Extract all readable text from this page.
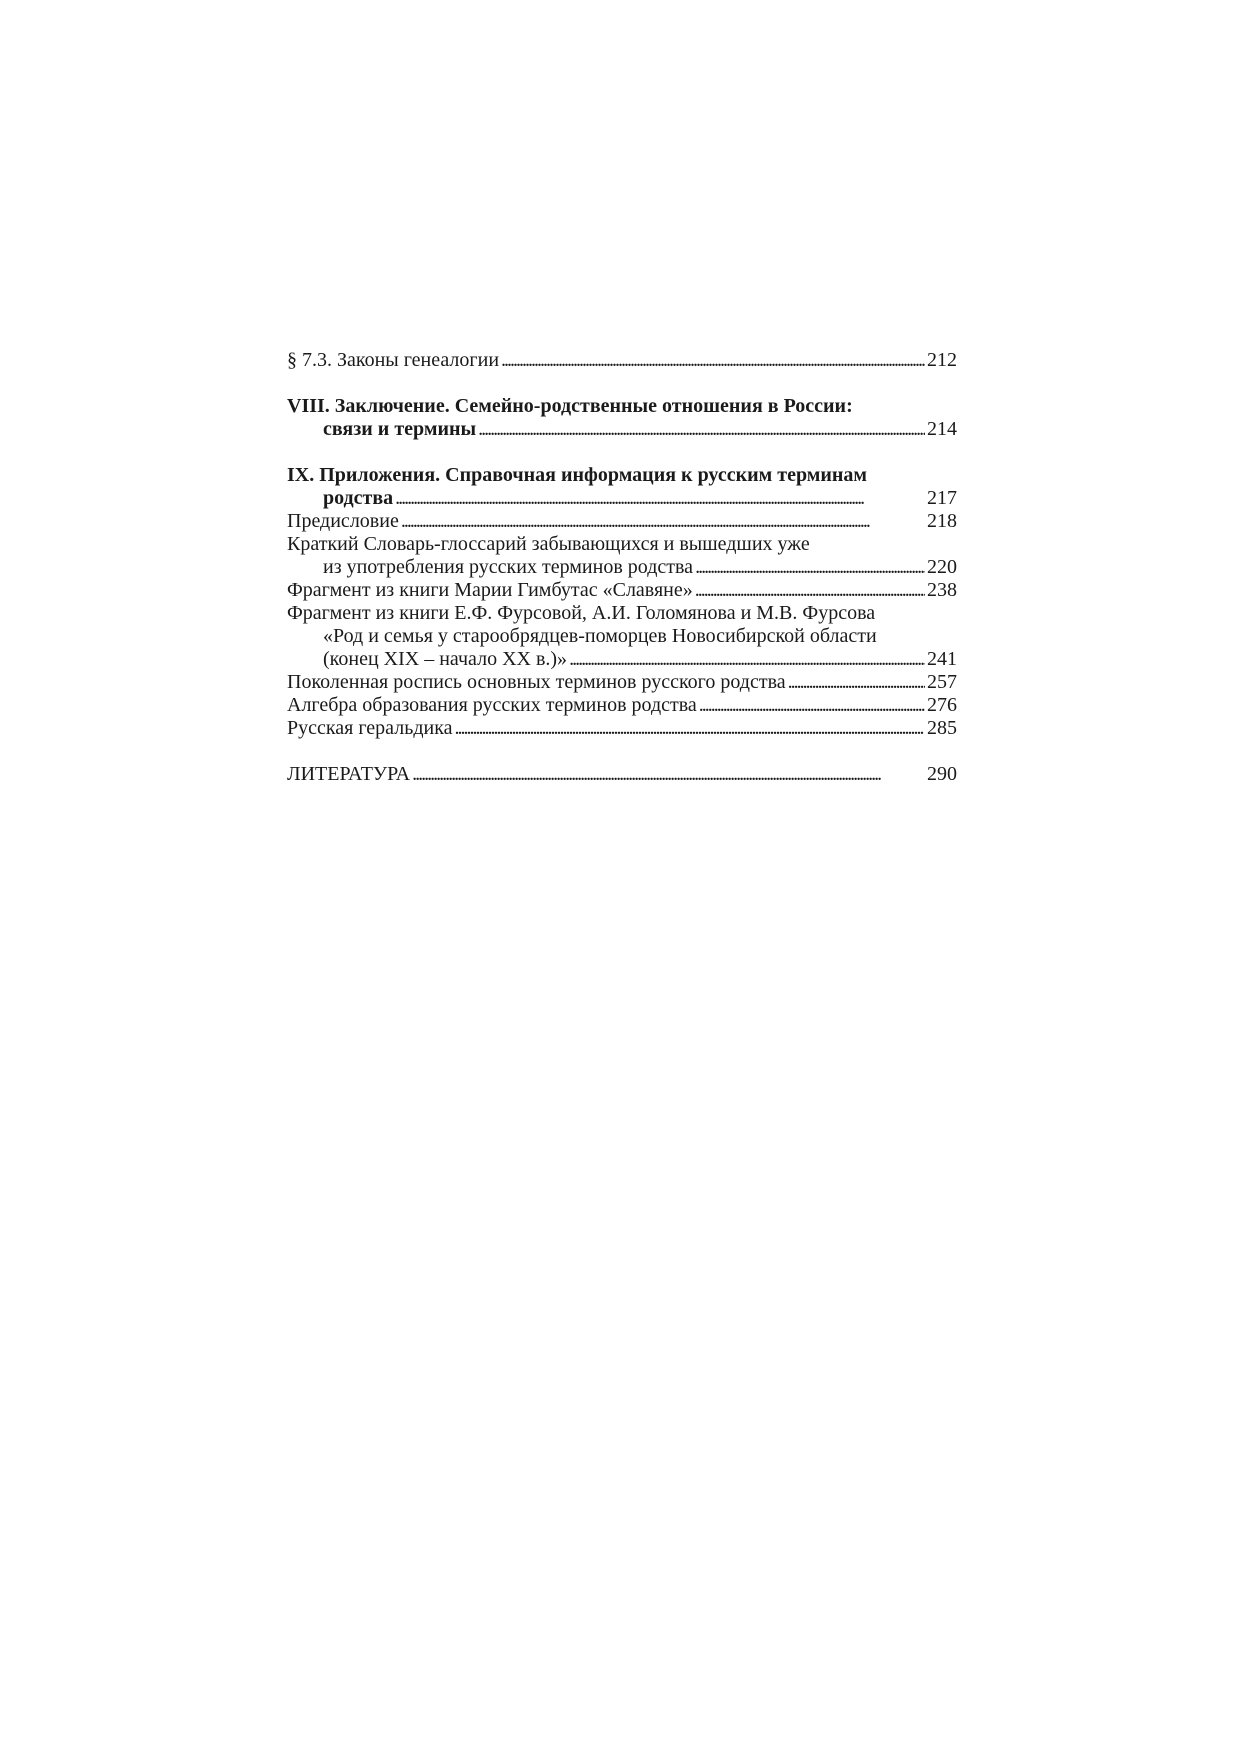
§ 7.3. Законы генеалогии . . .	212
VIII. Заключение. Семейно-родственные отношения в России:
связи и термины . . .	214
IX. Приложения. Справочная информация к русским терминам
родства . . .	217
Предисловие . . .	218
Краткий Словарь-глоссарий забывающихся и вышедших уже
из употребления русских терминов родства . . .	220
Фрагмент из книги Марии Гимбутас «Славяне» . . .	238
Фрагмент из книги Е.Ф. Фурсовой, А.И. Голомянова и М.В. Фурсова
«Род и семья у старообрядцев-поморцев Новосибирской области
(конец XIX – начало XX в.)» . . .	241
Поколенная роспись основных терминов русского родства . . .	257
Алгебра образования русских терминов родства . . .	276
Русская геральдика . . .	285
ЛИТЕРАТУРА . . .	290
